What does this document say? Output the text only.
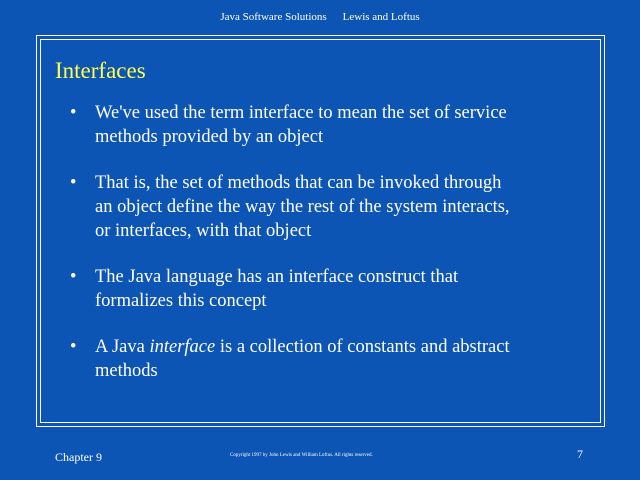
Java Software Solutions Lewis and Loftus
Interfaces
• We've used the term interface to mean the set of service
methods provided by an object
• That is, the set of methods that can be invoked through
an object define the way the rest of the system interacts,
or interfaces, with that object
• The Java language has an interface construct that
formalizes this concept
• A Java interface is a collection of constants and abstract
methods
Chapter 9	Copyright 1997 by John Lewis and William Loftus. All rights reserved.	7
